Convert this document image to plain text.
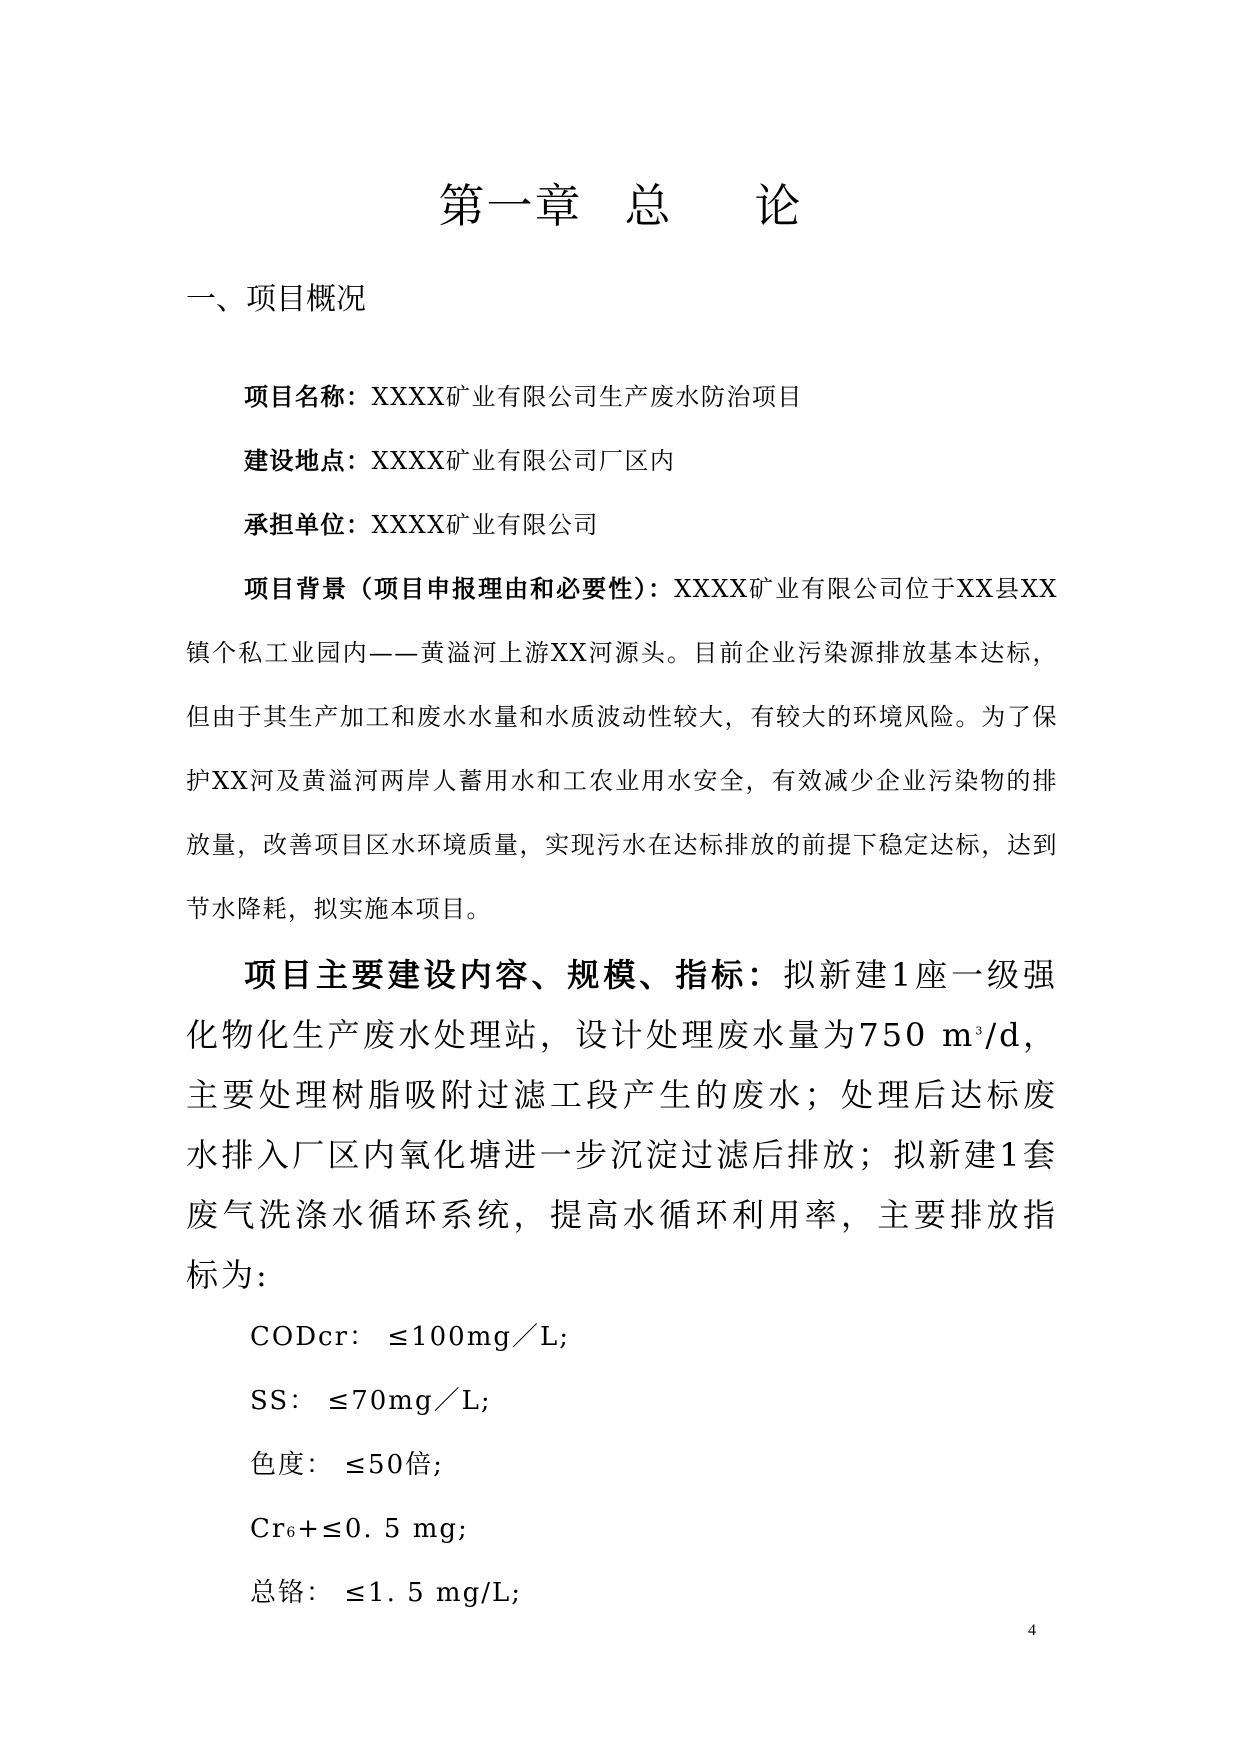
第一章 总 论
一、项目概况

项目名称：XXXX矿业有限公司生产废水防治项目

建设地点：XXXX矿业有限公司厂区内

承担单位：XXXX矿业有限公司

项目背景（项目申报理由和必要性）：XXXX矿业有限公司位于XX县XX镇个私工业园内——黄溢河上游XX河源头。目前企业污染源排放基本达标，但由于其生产加工和废水水量和水质波动性较大，有较大的环境风险。为了保护XX河及黄溢河两岸人蓄用水和工农业用水安全，有效减少企业污染物的排放量，改善项目区水环境质量，实现污水在达标排放的前提下稳定达标，达到节水降耗，拟实施本项目。

项目主要建设内容、规模、指标：拟新建1座一级强化物化生产废水处理站，设计处理废水量为750 $m^3/d$，主要处理树脂吸附过滤工段产生的废水；处理后达标废水排入厂区内氧化塘进一步沉淀过滤后排放；拟新建1套废气洗涤水循环系统，提高水循环利用率，主要排放指标为:

CODcr： ≤100mg／L;

SS： ≤70mg／L;

色度： ≤50倍;

Cr6+≤0. 5 mg;

总铬： ≤1. 5 mg/L;

4
